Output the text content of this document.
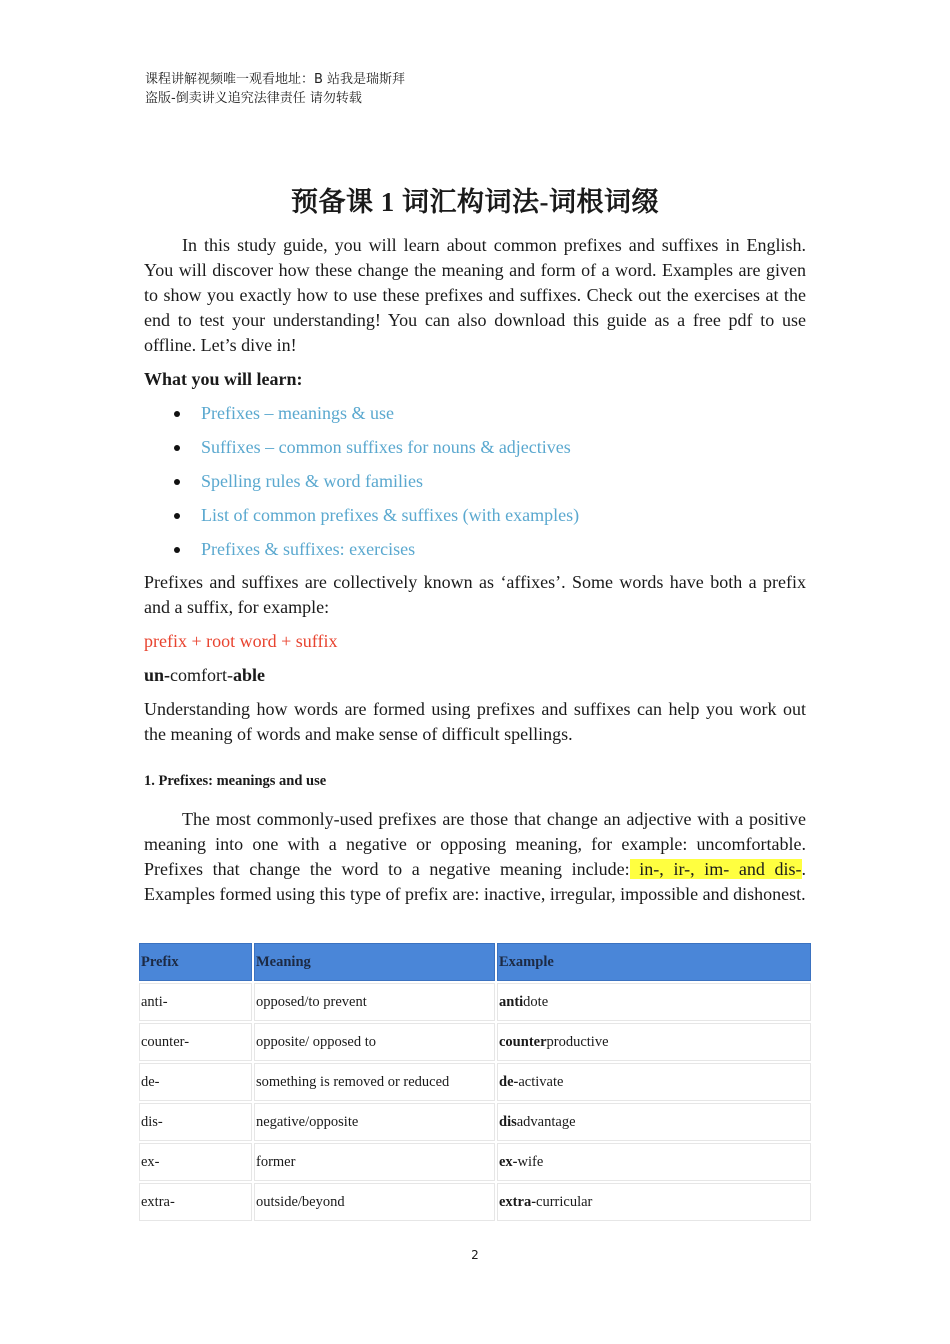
课程讲解视频唯一观看地址：B 站我是瑞斯拜
盗版-倒卖讲义追究法律责任 请勿转载
预备课 1 词汇构词法-词根词缀
In this study guide, you will learn about common prefixes and suffixes in English. You will discover how these change the meaning and form of a word. Examples are given to show you exactly how to use these prefixes and suffixes. Check out the exercises at the end to test your understanding! You can also download this guide as a free pdf to use offline. Let’s dive in!
What you will learn:
Prefixes – meanings & use
Suffixes – common suffixes for nouns & adjectives
Spelling rules & word families
List of common prefixes & suffixes (with examples)
Prefixes & suffixes: exercises
Prefixes and suffixes are collectively known as ‘affixes’. Some words have both a prefix and a suffix, for example:
prefix + root word + suffix
un-comfort-able
Understanding how words are formed using prefixes and suffixes can help you work out the meaning of words and make sense of difficult spellings.
1. Prefixes: meanings and use
The most commonly-used prefixes are those that change an adjective with a positive meaning into one with a negative or opposing meaning, for example: uncomfortable. Prefixes that change the word to a negative meaning include: in-, ir-, im- and dis-. Examples formed using this type of prefix are: inactive, irregular, impossible and dishonest.
Prefix	Meaning	Example
anti-	opposed/to prevent	antidote
counter-	opposite/ opposed to	counterproductive
de-	something is removed or reduced	de-activate
dis-	negative/opposite	disadvantage
ex-	former	ex-wife
extra-	outside/beyond	extra-curricular
2
